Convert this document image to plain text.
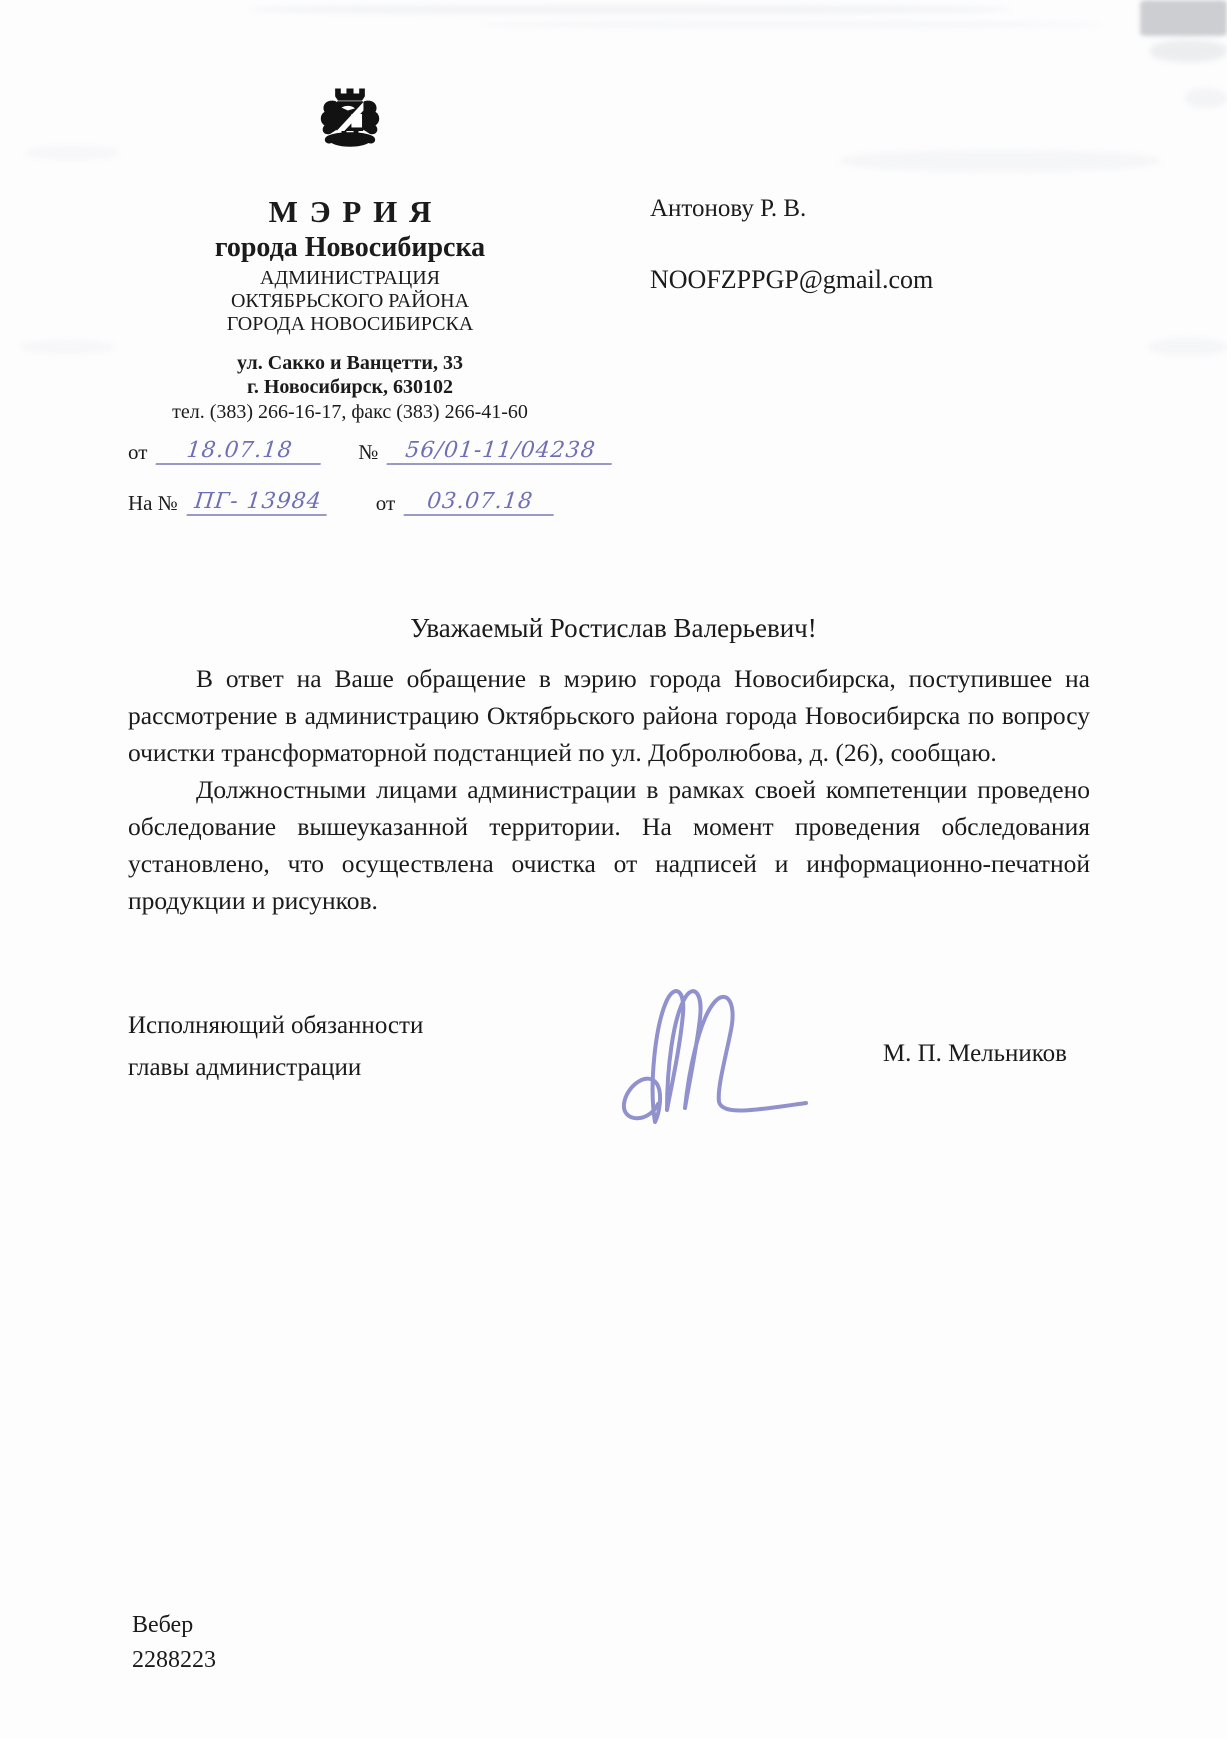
МЭРИЯ
города Новосибирска
АДМИНИСТРАЦИЯ
ОКТЯБРЬСКОГО РАЙОНА
ГОРОДА НОВОСИБИРСКА
ул. Сакко и Ванцетти, 33
г. Новосибирск, 630102
тел. (383) 266-16-17, факс (383) 266-41-60
от	18.07.18	№	56/01-11/04238
На № ПГ- 13984	от	03.07.18
Антонову Р. В.
NOOFZPPGP@gmail.com
Уважаемый Ростислав Валерьевич!

В ответ на Ваше обращение в мэрию города Новосибирска, поступившее на рассмотрение в администрацию Октябрьского района города Новосибирска по вопросу очистки трансформаторной подстанцией по ул. Добролюбова, д. (26), сообщаю.

Должностными лицами администрации в рамках своей компетенции проведено обследование вышеуказанной территории. На момент проведения обследования установлено, что осуществлена очистка от надписей и информационно-печатной продукции и рисунков.

Исполняющий обязанности
главы администрации
М. П. Мельников
Вебер
2288223
